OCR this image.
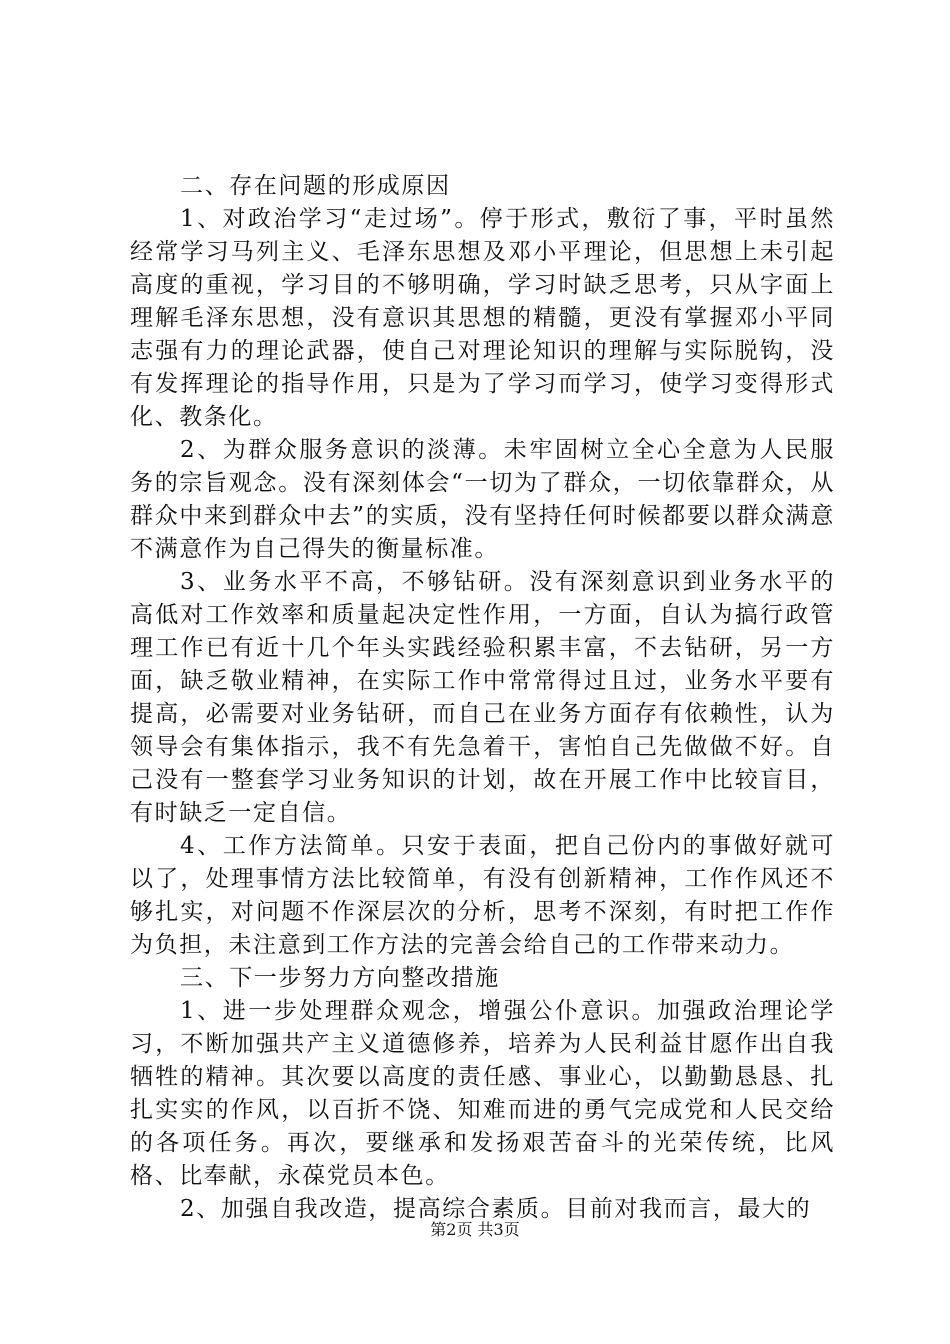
二、存在问题的形成原因

1、对政治学习“走过场”。停于形式，敷衍了事，平时虽然经常学习马列主义、毛泽东思想及邓小平理论，但思想上未引起高度的重视，学习目的不够明确，学习时缺乏思考，只从字面上理解毛泽东思想，没有意识其思想的精髓，更没有掌握邓小平同志强有力的理论武器，使自己对理论知识的理解与实际脱钩，没有发挥理论的指导作用，只是为了学习而学习，使学习变得形式化、教条化。

2、为群众服务意识的淡薄。未牢固树立全心全意为人民服务的宗旨观念。没有深刻体会“一切为了群众，一切依靠群众，从群众中来到群众中去”的实质，没有坚持任何时候都要以群众满意不满意作为自己得失的衡量标准。

3、业务水平不高，不够钻研。没有深刻意识到业务水平的高低对工作效率和质量起决定性作用，一方面，自认为搞行政管理工作已有近十几个年头实践经验积累丰富，不去钻研，另一方面，缺乏敬业精神，在实际工作中常常得过且过，业务水平要有提高，必需要对业务钻研，而自己在业务方面存有依赖性，认为领导会有集体指示，我不有先急着干，害怕自己先做做不好。自己没有一整套学习业务知识的计划，故在开展工作中比较盲目，有时缺乏一定自信。

4、工作方法简单。只安于表面，把自己份内的事做好就可以了，处理事情方法比较简单，有没有创新精神，工作作风还不够扎实，对问题不作深层次的分析，思考不深刻，有时把工作作为负担，未注意到工作方法的完善会给自己的工作带来动力。

三、下一步努力方向整改措施

1、进一步处理群众观念，增强公仆意识。加强政治理论学习，不断加强共产主义道德修养，培养为人民利益甘愿作出自我牺牲的精神。其次要以高度的责任感、事业心，以勤勤恳恳、扎扎实实的作风，以百折不饶、知难而进的勇气完成党和人民交给的各项任务。再次，要继承和发扬艰苦奋斗的光荣传统，比风格、比奉献，永葆党员本色。

2、加强自我改造，提高综合素质。目前对我而言，最大的

第2页 共3页
